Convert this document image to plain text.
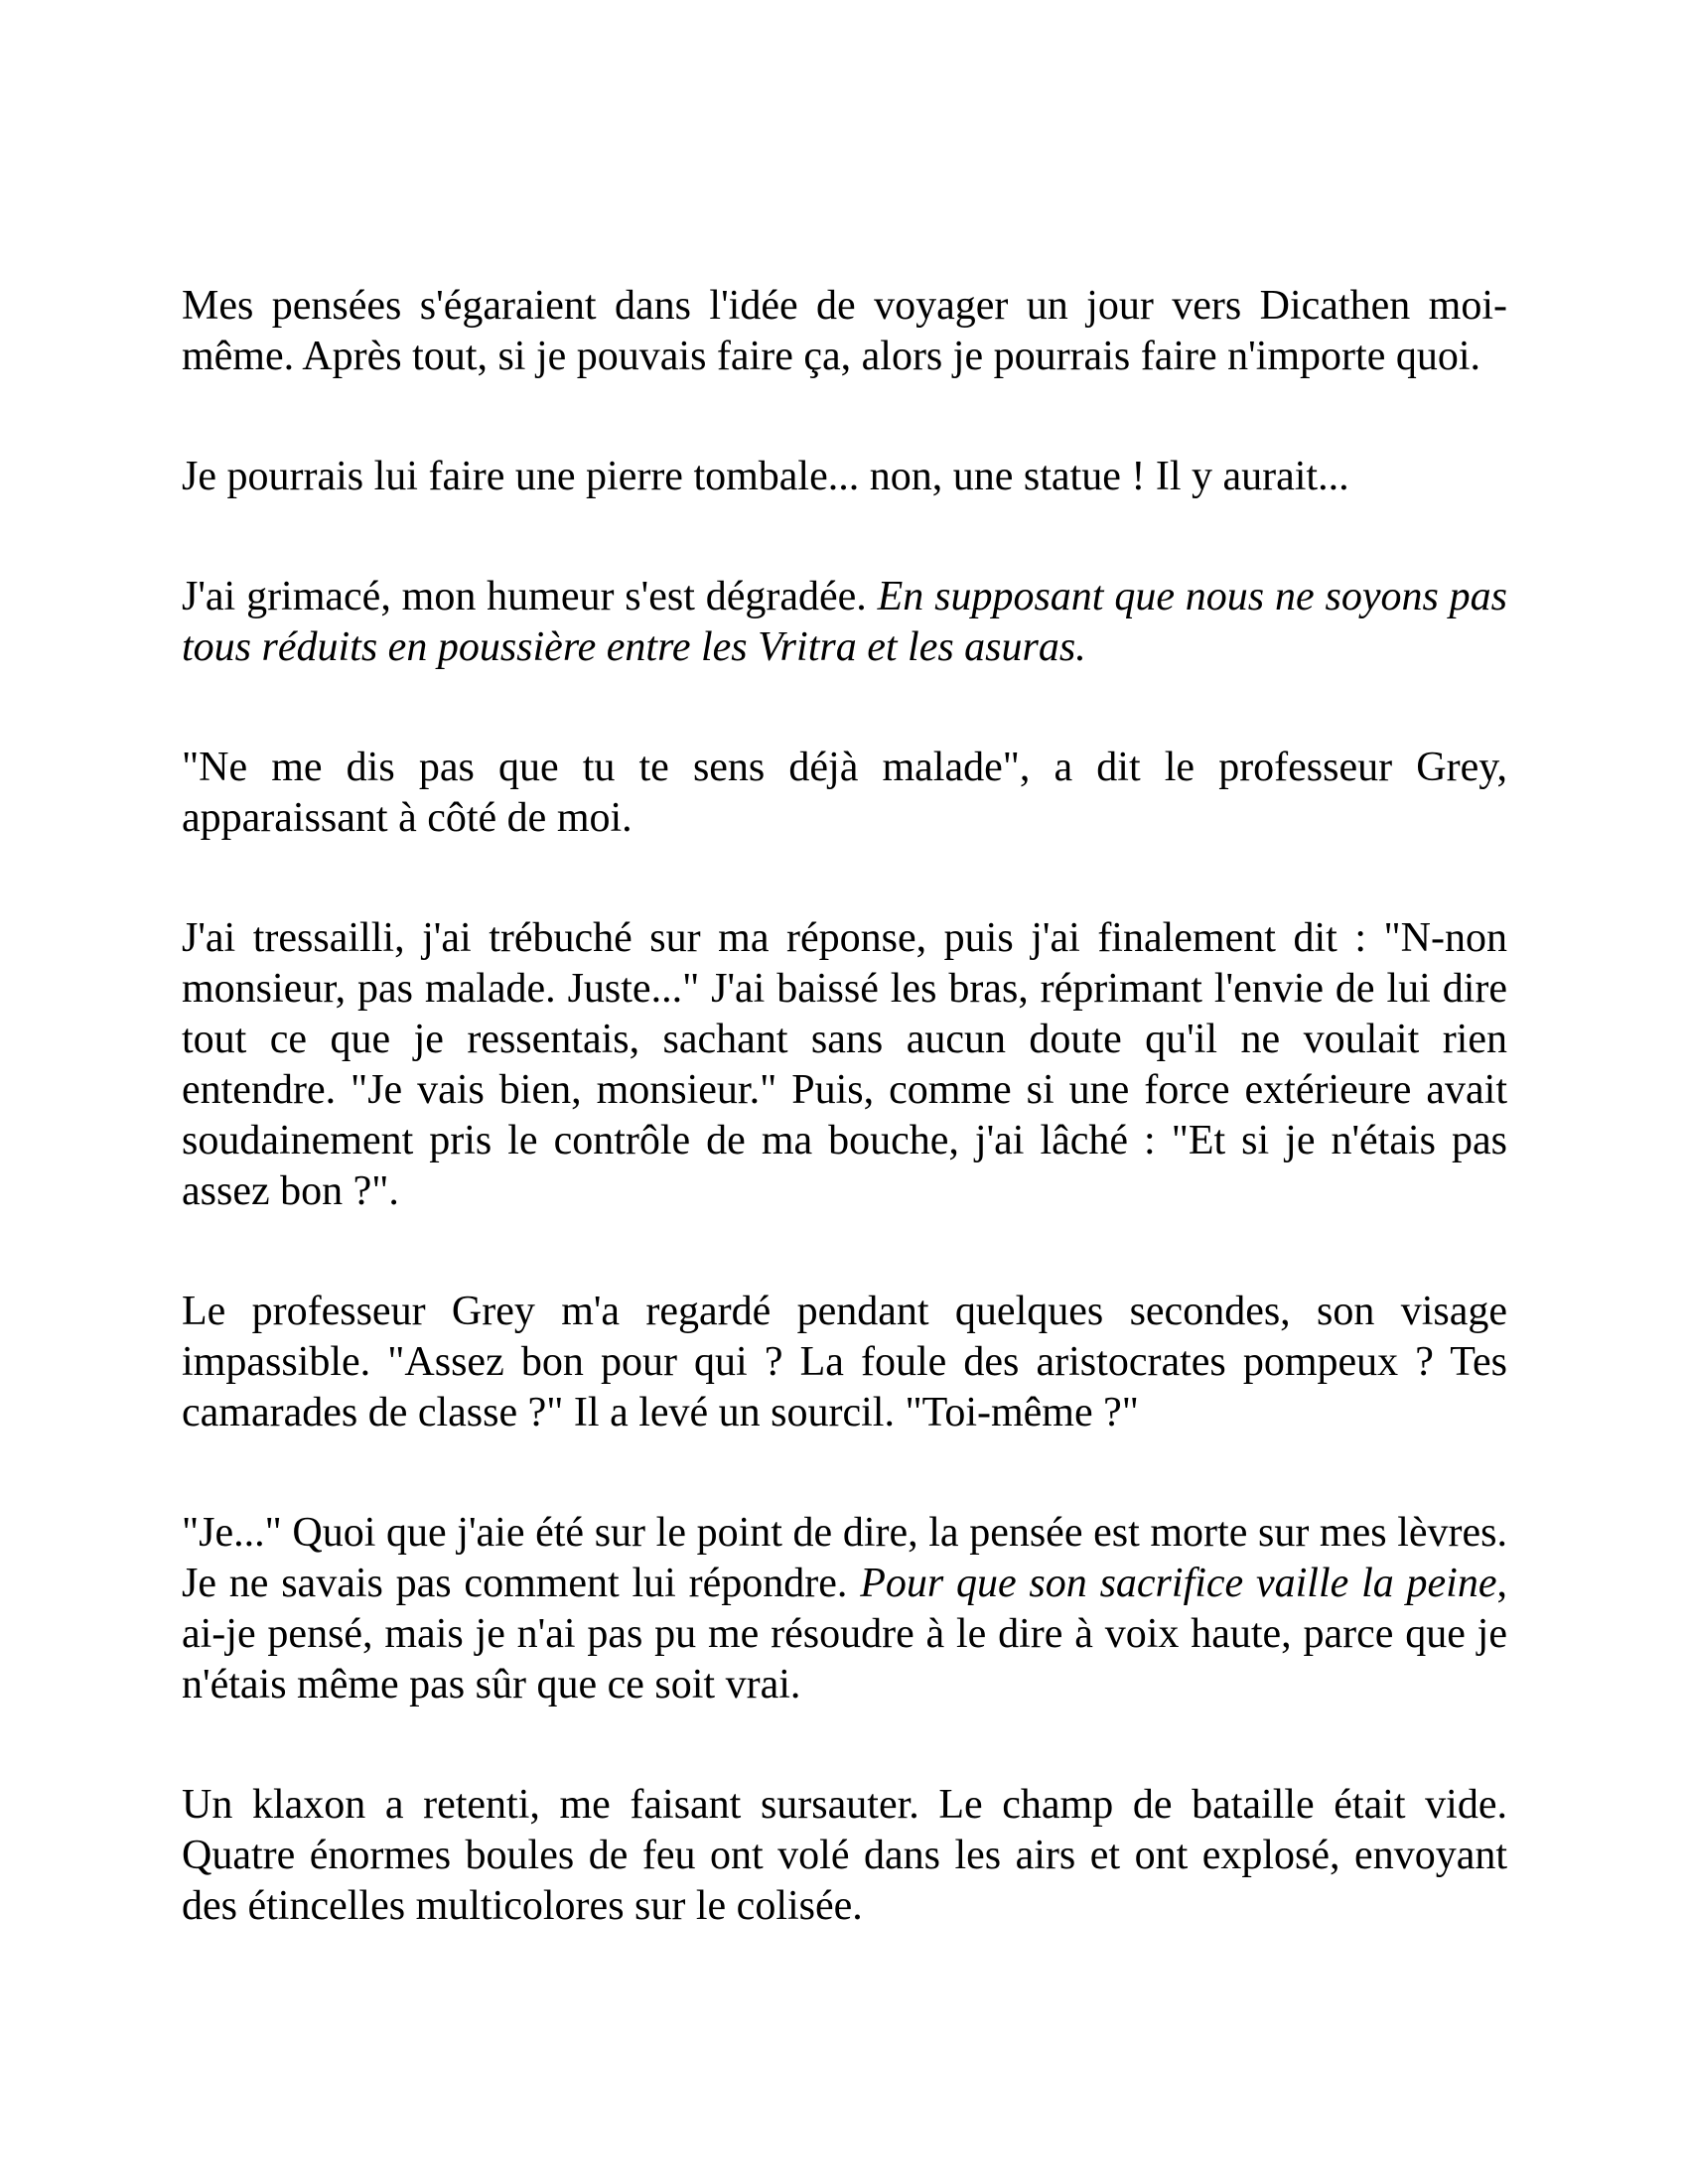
Mes pensées s'égaraient dans l'idée de voyager un jour vers Dicathen moi-même. Après tout, si je pouvais faire ça, alors je pourrais faire n'importe quoi.

Je pourrais lui faire une pierre tombale... non, une statue ! Il y aurait...

J'ai grimacé, mon humeur s'est dégradée. En supposant que nous ne soyons pas tous réduits en poussière entre les Vritra et les asuras.

"Ne me dis pas que tu te sens déjà malade", a dit le professeur Grey, apparaissant à côté de moi.

J'ai tressailli, j'ai trébuché sur ma réponse, puis j'ai finalement dit : "N-non monsieur, pas malade. Juste..." J'ai baissé les bras, réprimant l'envie de lui dire tout ce que je ressentais, sachant sans aucun doute qu'il ne voulait rien entendre. "Je vais bien, monsieur." Puis, comme si une force extérieure avait soudainement pris le contrôle de ma bouche, j'ai lâché : "Et si je n'étais pas assez bon ?".

Le professeur Grey m'a regardé pendant quelques secondes, son visage impassible. "Assez bon pour qui ? La foule des aristocrates pompeux ? Tes camarades de classe ?" Il a levé un sourcil. "Toi-même ?"

"Je..." Quoi que j'aie été sur le point de dire, la pensée est morte sur mes lèvres. Je ne savais pas comment lui répondre. Pour que son sacrifice vaille la peine, ai-je pensé, mais je n'ai pas pu me résoudre à le dire à voix haute, parce que je n'étais même pas sûr que ce soit vrai.

Un klaxon a retenti, me faisant sursauter. Le champ de bataille était vide. Quatre énormes boules de feu ont volé dans les airs et ont explosé, envoyant des étincelles multicolores sur le colisée.
